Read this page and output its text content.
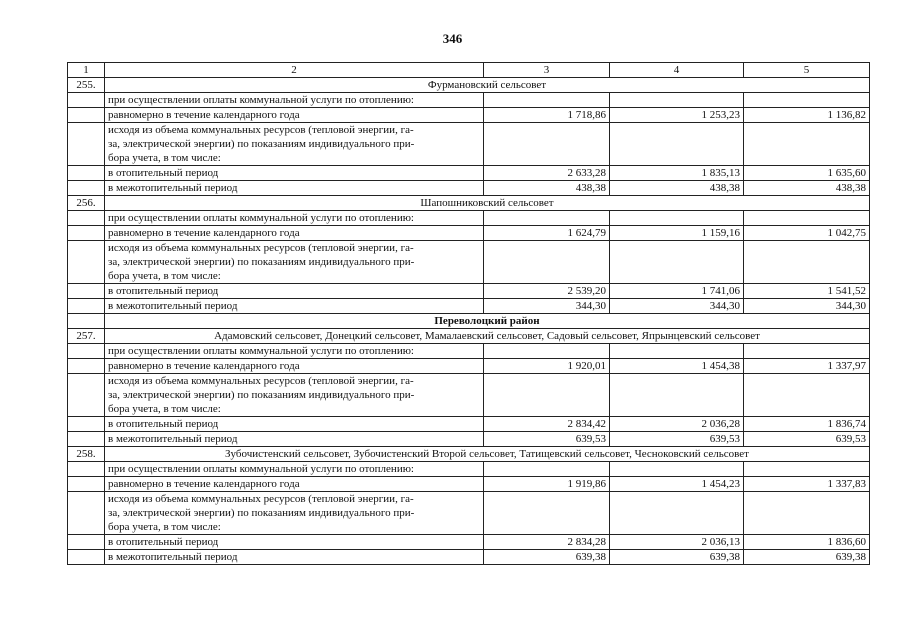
346
1	2	3	4	5
255.	Фурмановский сельсовет			
	при осуществлении оплаты коммунальной услуги по отоплению:			
	равномерно в течение календарного года	1 718,86	1 253,23	1 136,82

	исходя из объема коммунальных ресурсов (тепловой энергии, га-
за, электрической энергии) по показаниям индивидуального при-
бора учета, в том числе:			

	в отопительный период	2 633,28	1 835,13	1 635,60
	в межотопительный период	438,38	438,38	438,38
256.	Шапошниковский сельсовет			
	при осуществлении оплаты коммунальной услуги по отоплению:			
	равномерно в течение календарного года	1 624,79	1 159,16	1 042,75

	исходя из объема коммунальных ресурсов (тепловой энергии, га-
за, электрической энергии) по показаниям индивидуального при-
бора учета, в том числе:			

	в отопительный период	2 539,20	1 741,06	1 541,52
	в межотопительный период	344,30	344,30	344,30
	Переволоцкий район			
257.	Адамовский сельсовет, Донецкий сельсовет, Мамалаевский сельсовет, Садовый сельсовет, Япрынцевский сельсовет			
	при осуществлении оплаты коммунальной услуги по отоплению:			
	равномерно в течение календарного года	1 920,01	1 454,38	1 337,97

	исходя из объема коммунальных ресурсов (тепловой энергии, га-
за, электрической энергии) по показаниям индивидуального при-
бора учета, в том числе:			

	в отопительный период	2 834,42	2 036,28	1 836,74
	в межотопительный период	639,53	639,53	639,53
258.	Зубочистенский сельсовет, Зубочистенский Второй сельсовет, Татищевский сельсовет, Чесноковский сельсовет			
	при осуществлении оплаты коммунальной услуги по отоплению:			
	равномерно в течение календарного года	1 919,86	1 454,23	1 337,83

	исходя из объема коммунальных ресурсов (тепловой энергии, га-
за, электрической энергии) по показаниям индивидуального при-
бора учета, в том числе:			

	в отопительный период	2 834,28	2 036,13	1 836,60
	в межотопительный период	639,38	639,38	639,38
